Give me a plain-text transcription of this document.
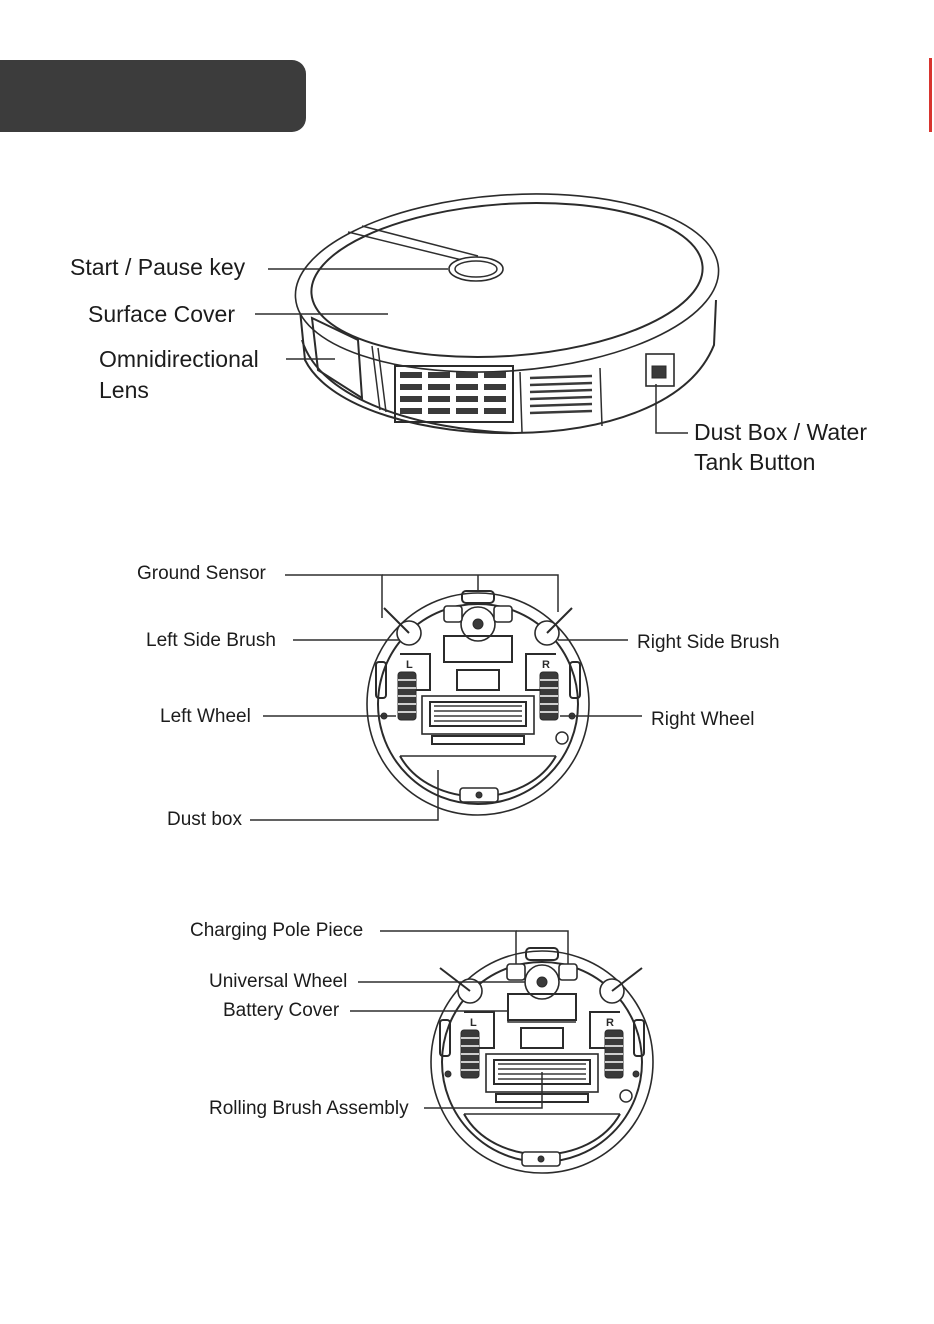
L	R
L	R
Start / Pause key
Surface Cover
Omnidirectional
Lens
Dust Box / Water
Tank Button
Ground Sensor
Left Side Brush	Right Side Brush
Left Wheel	Right Wheel
Dust box
Charging Pole Piece
Universal Wheel
Battery Cover
Rolling Brush Assembly
